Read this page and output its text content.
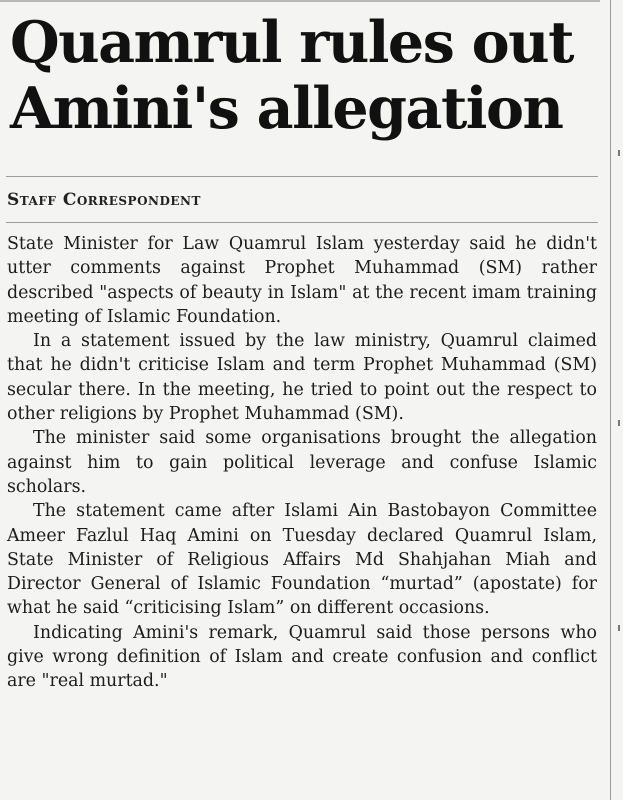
Quamrul rules out Amini's allegation
Staff Correspondent

State Minister for Law Quamrul Islam yesterday said he didn't utter comments against Prophet Muhammad (SM) rather described "aspects of beauty in Islam" at the recent imam training meeting of Islamic Foundation.

In a statement issued by the law ministry, Quamrul claimed that he didn't criticise Islam and term Prophet Muhammad (SM) secular there. In the meeting, he tried to point out the respect to other religions by Prophet Muhammad (SM).

The minister said some organisations brought the allegation against him to gain political leverage and confuse Islamic scholars.

The statement came after Islami Ain Bastobayon Committee Ameer Fazlul Haq Amini on Tuesday declared Quamrul Islam, State Minister of Religious Affairs Md Shahjahan Miah and Director General of Islamic Foundation “murtad” (apostate) for what he said “criticising Islam” on different occasions.

Indicating Amini's remark, Quamrul said those persons who give wrong definition of Islam and create confusion and conflict are "real murtad."
